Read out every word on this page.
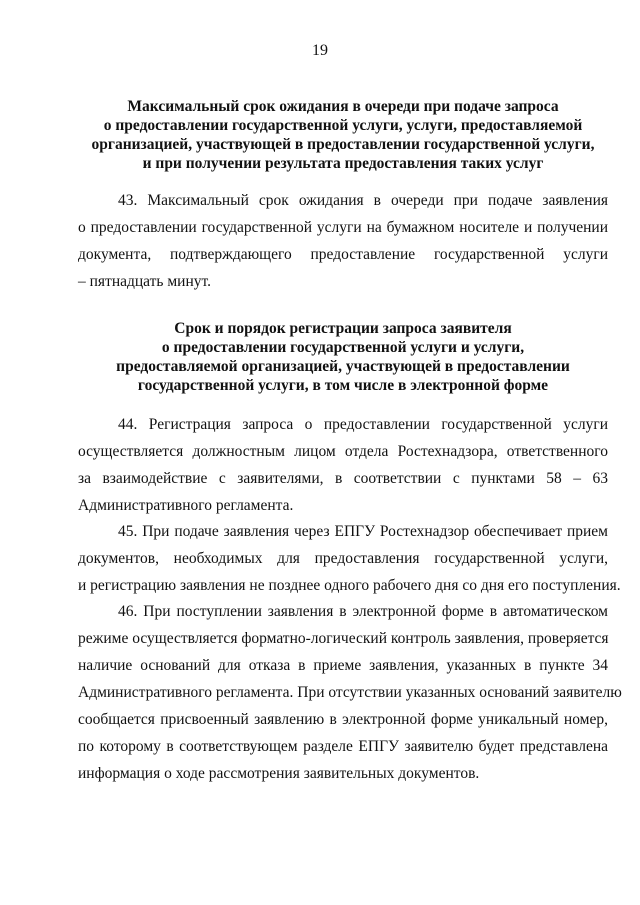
19
Максимальный срок ожидания в очереди при подаче запроса
о предоставлении государственной услуги, услуги, предоставляемой
организацией, участвующей в предоставлении государственной услуги,
и при получении результата предоставления таких услуг
43. Максимальный срок ожидания в очереди при подаче заявления
о предоставлении государственной услуги на бумажном носителе и получении
документа, подтверждающего предоставление государственной услуги
– пятнадцать минут.
Срок и порядок регистрации запроса заявителя
о предоставлении государственной услуги и услуги,
предоставляемой организацией, участвующей в предоставлении
государственной услуги, в том числе в электронной форме
44. Регистрация запроса о предоставлении государственной услуги
осуществляется должностным лицом отдела Ростехнадзора, ответственного
за взаимодействие с заявителями, в соответствии с пунктами 58 – 63
Административного регламента.
45. При подаче заявления через ЕПГУ Ростехнадзор обеспечивает прием
документов, необходимых для предоставления государственной услуги,
и регистрацию заявления не позднее одного рабочего дня со дня его поступления.
46. При поступлении заявления в электронной форме в автоматическом
режиме осуществляется форматно-логический контроль заявления, проверяется
наличие оснований для отказа в приеме заявления, указанных в пункте 34
Административного регламента. При отсутствии указанных оснований заявителю
сообщается присвоенный заявлению в электронной форме уникальный номер,
по которому в соответствующем разделе ЕПГУ заявителю будет представлена
информация о ходе рассмотрения заявительных документов.
